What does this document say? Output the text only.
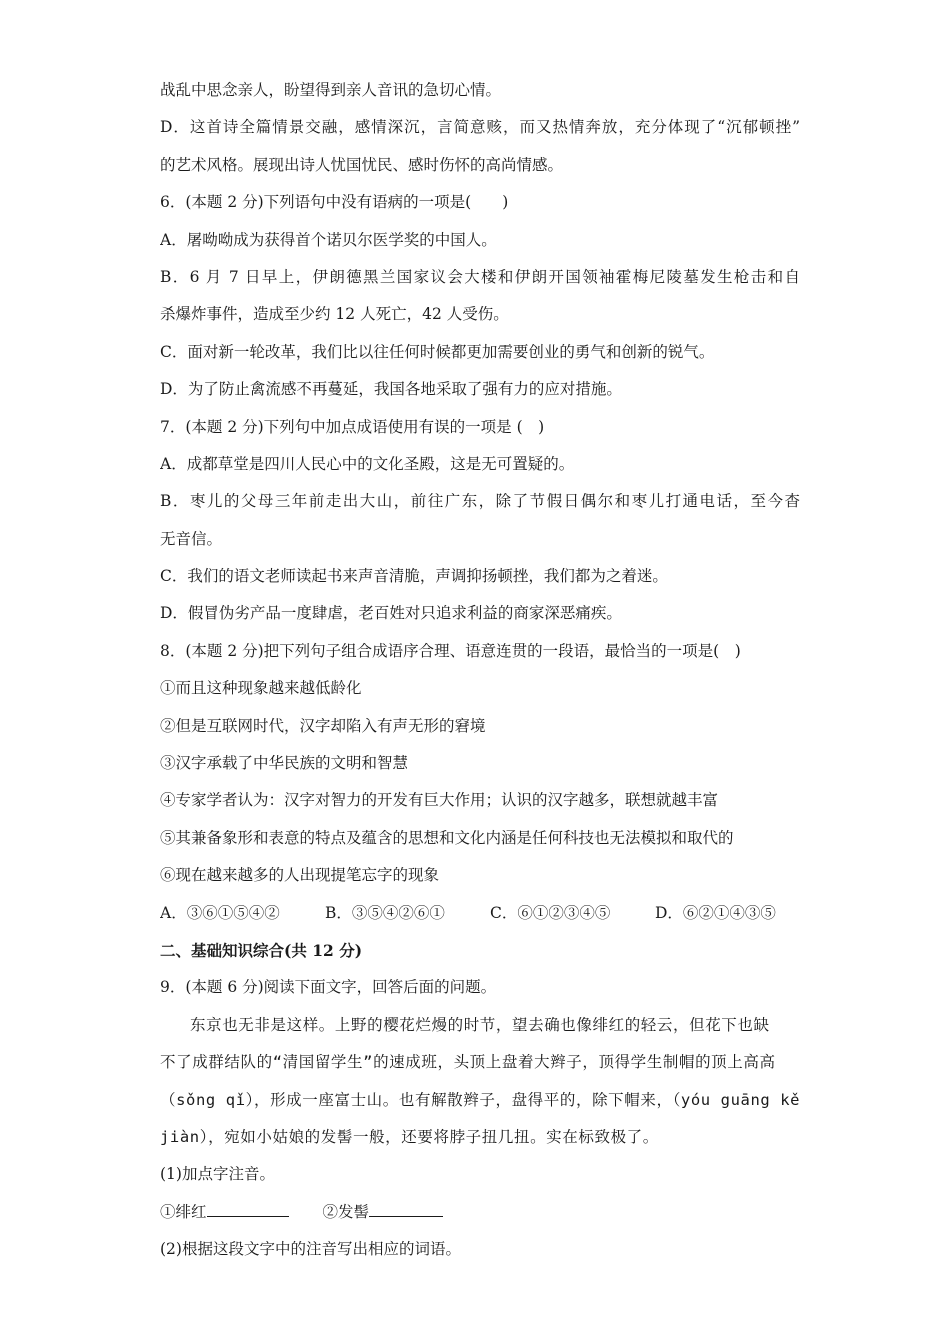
战乱中思念亲人，盼望得到亲人音讯的急切心情。
D．这首诗全篇情景交融，感情深沉，言简意赅，而又热情奔放，充分体现了“沉郁顿挫”
的艺术风格。展现出诗人忧国忧民、感时伤怀的高尚情感。
6．(本题 2 分)下列语句中没有语病的一项是(　　)
A．屠呦呦成为获得首个诺贝尔医学奖的中国人。
B．6 月 7 日早上，伊朗德黑兰国家议会大楼和伊朗开国领袖霍梅尼陵墓发生枪击和自
杀爆炸事件，造成至少约 12 人死亡，42 人受伤。
C．面对新一轮改革，我们比以往任何时候都更加需要创业的勇气和创新的锐气。
D．为了防止禽流感不再蔓延，我国各地采取了强有力的应对措施。
7．(本题 2 分)下列句中加点成语使用有误的一项是 (　)
A．成都草堂是四川人民心中的文化圣殿，这是无可置疑的。
B．枣儿的父母三年前走出大山，前往广东，除了节假日偶尔和枣儿打通电话，至今杳
无音信。
C．我们的语文老师读起书来声音清脆，声调抑扬顿挫，我们都为之着迷。
D．假冒伪劣产品一度肆虐，老百姓对只追求利益的商家深恶痛疾。
8．(本题 2 分)把下列句子组合成语序合理、语意连贯的一段语，最恰当的一项是(　)
①而且这种现象越来越低龄化
②但是互联网时代，汉字却陷入有声无形的窘境
③汉字承载了中华民族的文明和智慧
④专家学者认为：汉字对智力的开发有巨大作用；认识的汉字越多，联想就越丰富
⑤其兼备象形和表意的特点及蕴含的思想和文化内涵是任何科技也无法模拟和取代的
⑥现在越来越多的人出现提笔忘字的现象
A．③⑥①⑤④②	B．③⑤④②⑥①	C．⑥①②③④⑤	D．⑥②①④③⑤
二、基础知识综合(共 12 分)
9．(本题 6 分)阅读下面文字，回答后面的问题。
东京也无非是这样。上野的樱花烂熳的时节，望去确也像绯红的轻云，但花下也缺
不了成群结队的“清国留学生”的速成班，头顶上盘着大辫子，顶得学生制帽的顶上高高
（sǒng qǐ），形成一座富士山。也有解散辫子，盘得平的，除下帽来，（yóu guāng kě
jiàn），宛如小姑娘的发髻一般，还要将脖子扭几扭。实在标致极了。
(1)加点字注音。
①绯红	②发髻
(2)根据这段文字中的注音写出相应的词语。
